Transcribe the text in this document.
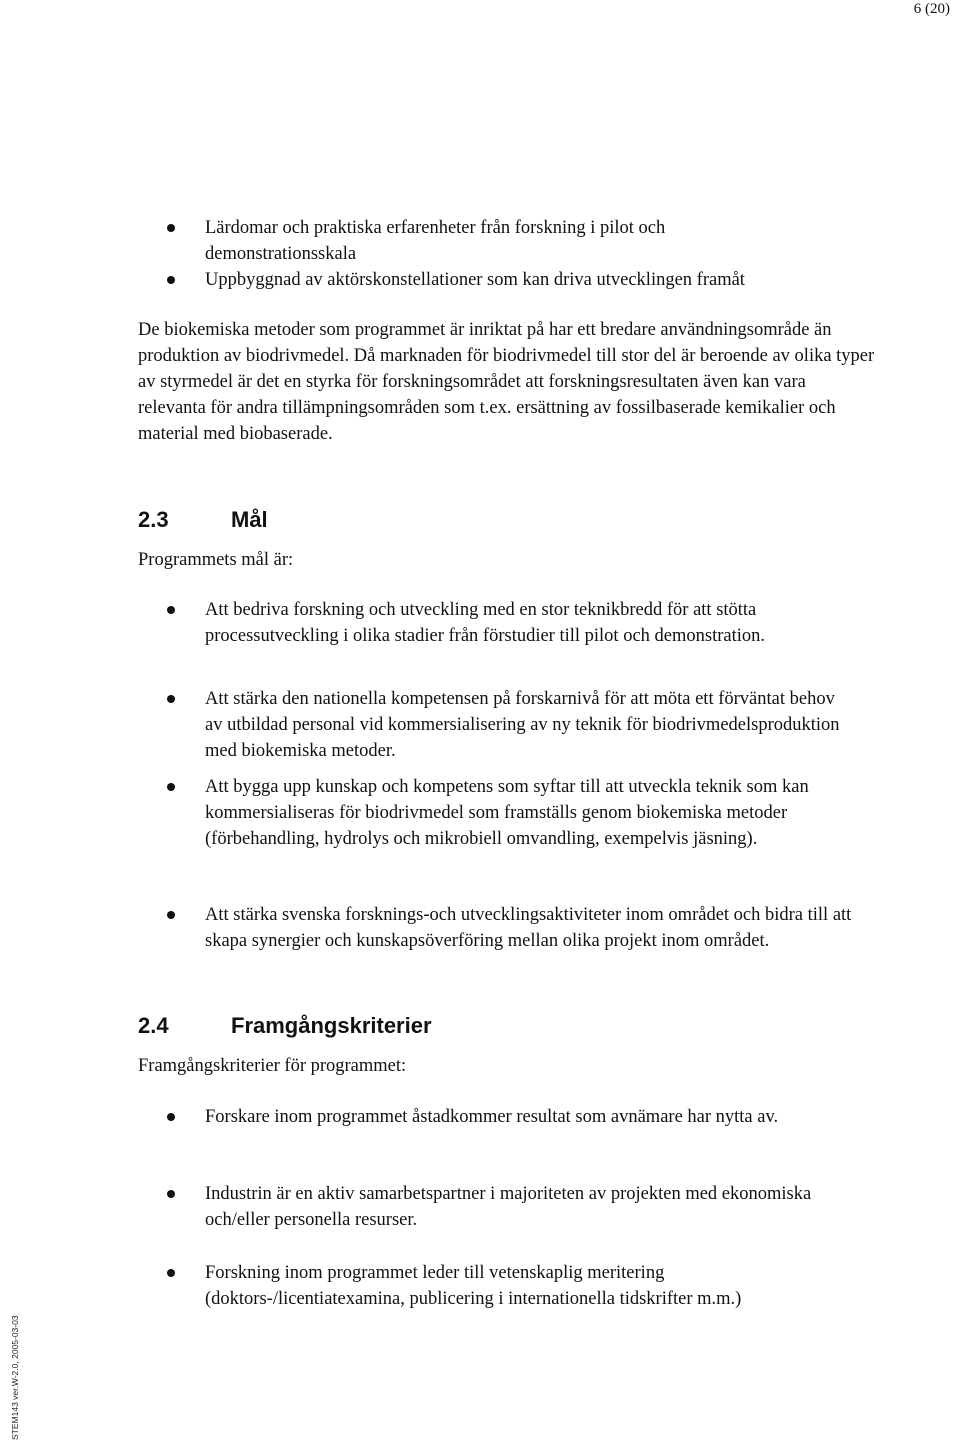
6 (20)
Lärdomar och praktiska erfarenheter från forskning i pilot och demonstrationsskala
Uppbyggnad av aktörskonstellationer som kan driva utvecklingen framåt

De biokemiska metoder som programmet är inriktat på har ett bredare användningsområde än produktion av biodrivmedel. Då marknaden för biodrivmedel till stor del är beroende av olika typer av styrmedel är det en styrka för forskningsområdet att forskningsresultaten även kan vara relevanta för andra tillämpningsområden som t.ex. ersättning av fossilbaserade kemikalier och material med biobaserade.

2.3	Mål

Programmets mål är:

Att bedriva forskning och utveckling med en stor teknikbredd för att stötta processutveckling i olika stadier från förstudier till pilot och demonstration.
Att stärka den nationella kompetensen på forskarnivå för att möta ett förväntat behov av utbildad personal vid kommersialisering av ny teknik för biodrivmedelsproduktion med biokemiska metoder.
Att bygga upp kunskap och kompetens som syftar till att utveckla teknik som kan kommersialiseras för biodrivmedel som framställs genom biokemiska metoder (förbehandling, hydrolys och mikrobiell omvandling, exempelvis jäsning).
Att stärka svenska forsknings-och utvecklingsaktiviteter inom området och bidra till att skapa synergier och kunskapsöverföring mellan olika projekt inom området.
2.4	Framgångskriterier

Framgångskriterier för programmet:

Forskare inom programmet åstadkommer resultat som avnämare har nytta av.
Industrin är en aktiv samarbetspartner i majoriteten av projekten med ekonomiska och/eller personella resurser.
Forskning inom programmet leder till vetenskaplig meritering (doktors-/licentiatexamina, publicering i internationella tidskrifter m.m.)
STEM143 ver.W-2.0, 2005-03-03
